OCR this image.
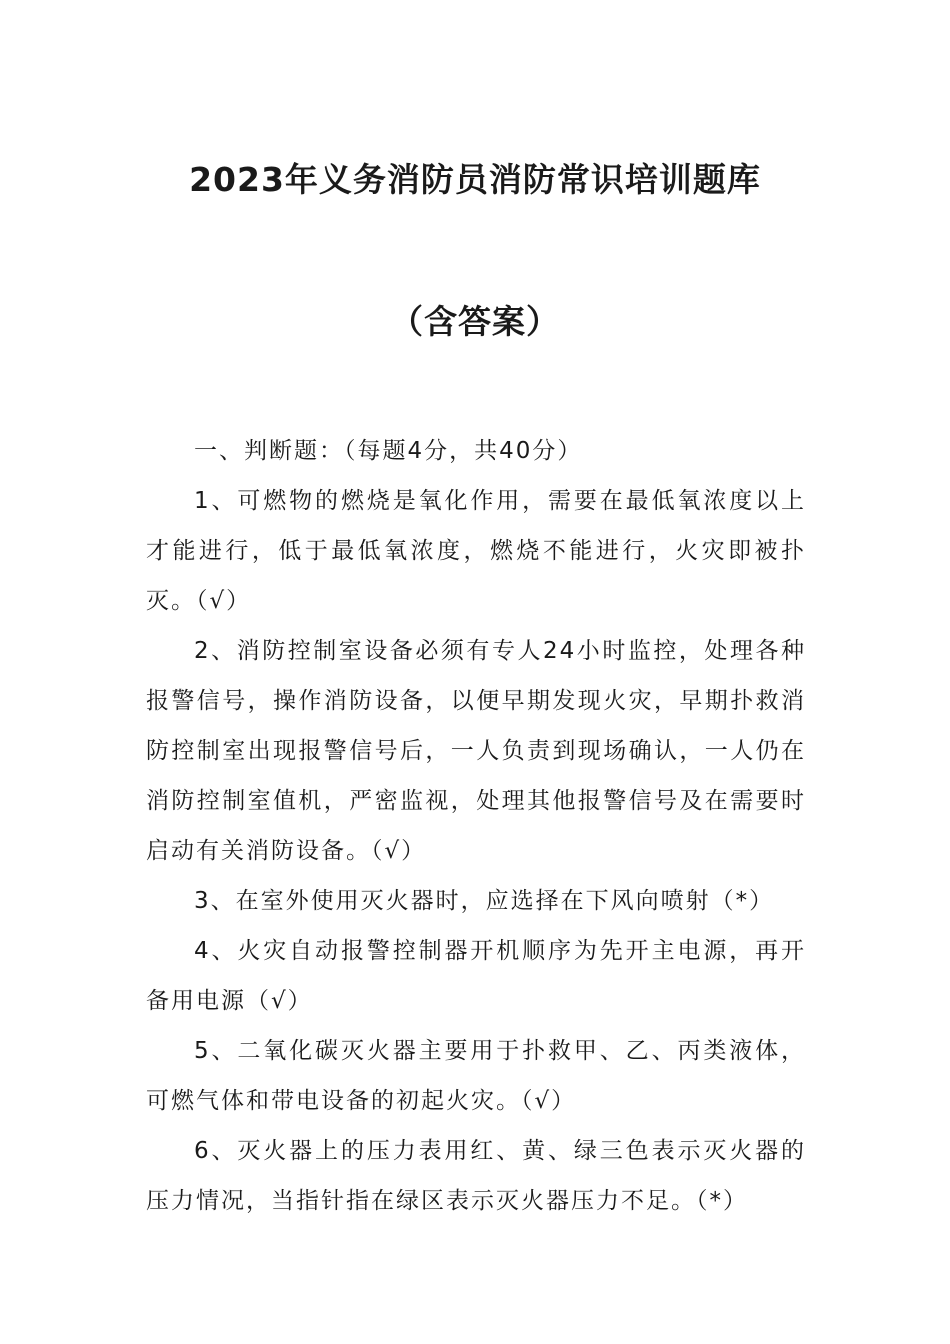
2023年义务消防员消防常识培训题库
（含答案）

一、判断题：（每题4分，共40分）

1、可燃物的燃烧是氧化作用，需要在最低氧浓度以上才能进行，低于最低氧浓度，燃烧不能进行，火灾即被扑灭。（√）

2、消防控制室设备必须有专人24小时监控，处理各种报警信号，操作消防设备，以便早期发现火灾，早期扑救消防控制室出现报警信号后，一人负责到现场确认，一人仍在消防控制室值机，严密监视，处理其他报警信号及在需要时启动有关消防设备。（√）

3、在室外使用灭火器时，应选择在下风向喷射（*）

4、火灾自动报警控制器开机顺序为先开主电源，再开备用电源（√）

5、二氧化碳灭火器主要用于扑救甲、乙、丙类液体，可燃气体和带电设备的初起火灾。（√）

6、灭火器上的压力表用红、黄、绿三色表示灭火器的压力情况，当指针指在绿区表示灭火器压力不足。（*）
